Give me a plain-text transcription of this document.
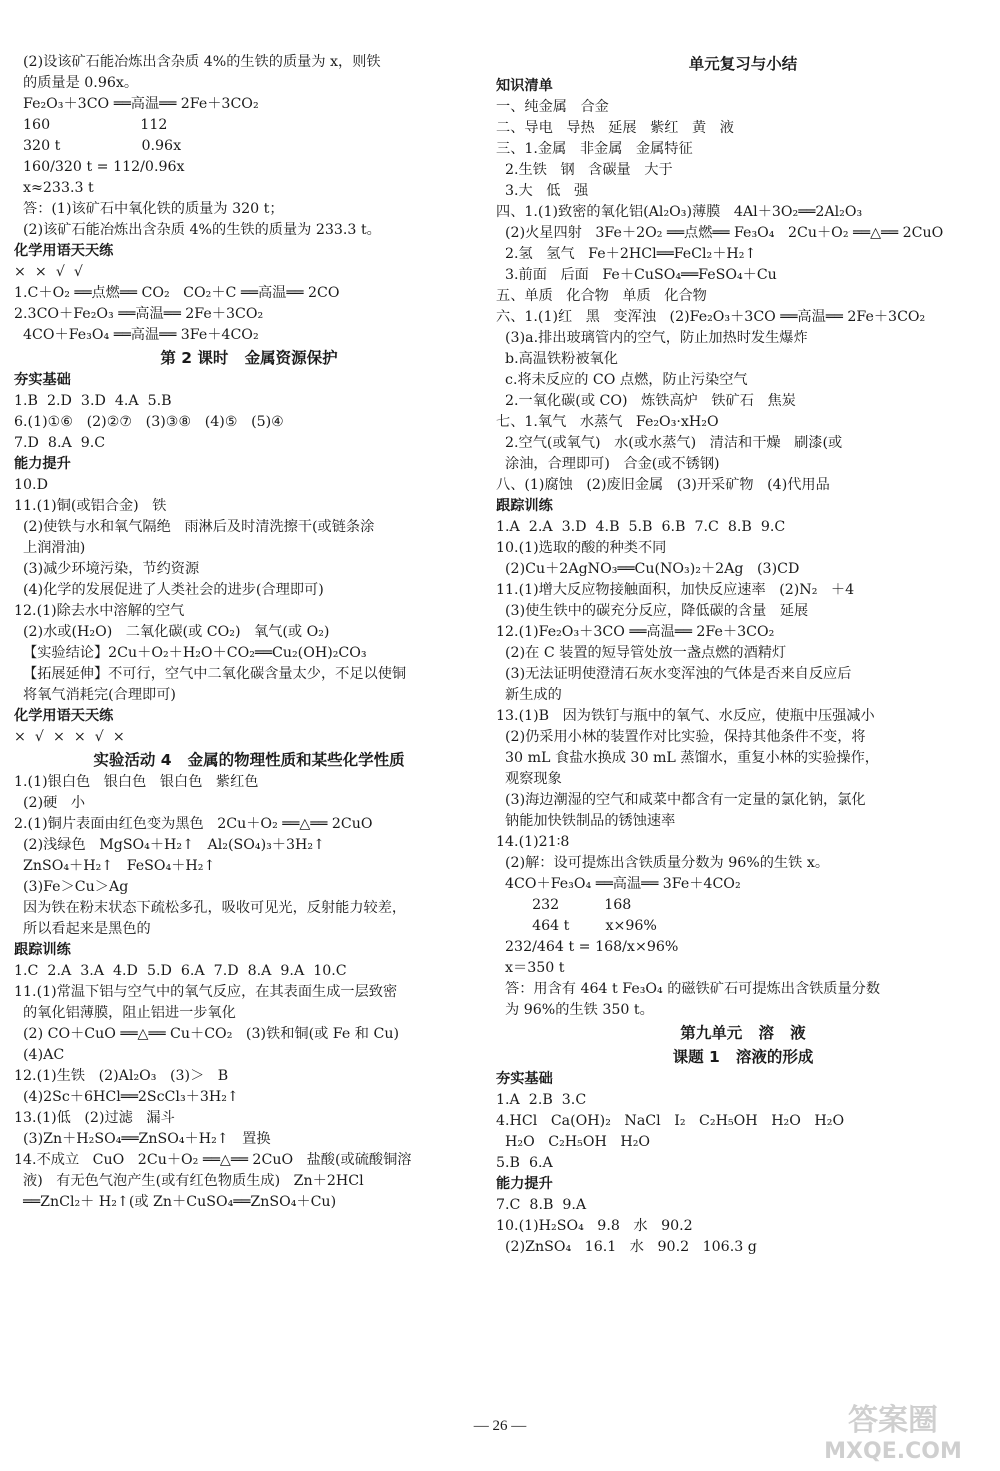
(2)设该矿石能冶炼出含杂质 4%的生铁的质量为 x，则铁
的质量是 0.96x。
Fe₂O₃＋3CO ══高温══ 2Fe＋3CO₂
160                    112
320 t                  0.96x
160/320 t = 112/0.96x
x≈233.3 t
答：(1)该矿石中氧化铁的质量为 320 t；
(2)该矿石能冶炼出含杂质 4%的生铁的质量为 233.3 t。
化学用语天天练
×  ×  √  √
1.C＋O₂ ══点燃══ CO₂   CO₂＋C ══高温══ 2CO
2.3CO＋Fe₂O₃ ══高温══ 2Fe＋3CO₂
4CO＋Fe₃O₄ ══高温══ 3Fe＋4CO₂
第 2 课时   金属资源保护
夯实基础
1.B  2.D  3.D  4.A  5.B
6.(1)①⑥   (2)②⑦   (3)③⑧   (4)⑤   (5)④
7.D  8.A  9.C
能力提升
10.D
11.(1)铜(或铝合金)   铁
(2)使铁与水和氧气隔绝   雨淋后及时清洗擦干(或链条涂
上润滑油)
(3)减少环境污染，节约资源
(4)化学的发展促进了人类社会的进步(合理即可)
12.(1)除去水中溶解的空气
(2)水或(H₂O)   二氧化碳(或 CO₂)   氧气(或 O₂)
【实验结论】2Cu＋O₂＋H₂O＋CO₂══Cu₂(OH)₂CO₃
【拓展延伸】不可行，空气中二氧化碳含量太少，不足以使铜
将氧气消耗完(合理即可)
化学用语天天练
×  √  ×  ×  √  ×
实验活动 4   金属的物理性质和某些化学性质
1.(1)银白色   银白色   银白色   紫红色
(2)硬   小
2.(1)铜片表面由红色变为黑色   2Cu＋O₂ ══△══ 2CuO
(2)浅绿色   MgSO₄＋H₂↑   Al₂(SO₄)₃＋3H₂↑
ZnSO₄＋H₂↑   FeSO₄＋H₂↑
(3)Fe＞Cu＞Ag
因为铁在粉末状态下疏松多孔，吸收可见光，反射能力较差，
所以看起来是黑色的
跟踪训练
1.C  2.A  3.A  4.D  5.D  6.A  7.D  8.A  9.A  10.C
11.(1)常温下铝与空气中的氧气反应，在其表面生成一层致密
的氧化铝薄膜，阻止铝进一步氧化
(2) CO＋CuO ══△══ Cu＋CO₂   (3)铁和铜(或 Fe 和 Cu)
(4)AC
12.(1)生铁   (2)Al₂O₃   (3)＞   B
(4)2Sc＋6HCl══2ScCl₃＋3H₂↑
13.(1)低   (2)过滤   漏斗
(3)Zn＋H₂SO₄══ZnSO₄＋H₂↑   置换
14.不成立   CuO   2Cu＋O₂ ══△══ 2CuO   盐酸(或硫酸铜溶
液)   有无色气泡产生(或有红色物质生成)   Zn＋2HCl
══ZnCl₂＋ H₂↑(或 Zn＋CuSO₄══ZnSO₄＋Cu)
单元复习与小结
知识清单
一、纯金属   合金
二、导电   导热   延展   紫红   黄   液
三、1.金属   非金属   金属特征
2.生铁   钢   含碳量   大于
3.大   低   强
四、1.(1)致密的氧化铝(Al₂O₃)薄膜   4Al＋3O₂══2Al₂O₃
(2)火星四射   3Fe＋2O₂ ══点燃══ Fe₃O₄   2Cu＋O₂ ══△══ 2CuO
2.氢   氢气   Fe＋2HCl══FeCl₂＋H₂↑
3.前面   后面   Fe＋CuSO₄══FeSO₄＋Cu
五、单质   化合物   单质   化合物
六、1.(1)红   黑   变浑浊   (2)Fe₂O₃＋3CO ══高温══ 2Fe＋3CO₂
(3)a.排出玻璃管内的空气，防止加热时发生爆炸
b.高温铁粉被氧化
c.将未反应的 CO 点燃，防止污染空气
2.一氧化碳(或 CO)   炼铁高炉   铁矿石   焦炭
七、1.氧气   水蒸气   Fe₂O₃·xH₂O
2.空气(或氧气)   水(或水蒸气)   清洁和干燥   刷漆(或
涂油，合理即可)   合金(或不锈钢)
八、(1)腐蚀   (2)废旧金属   (3)开采矿物   (4)代用品
跟踪训练
1.A  2.A  3.D  4.B  5.B  6.B  7.C  8.B  9.C
10.(1)选取的酸的种类不同
(2)Cu＋2AgNO₃══Cu(NO₃)₂＋2Ag   (3)CD
11.(1)增大反应物接触面积，加快反应速率   (2)N₂   ＋4
(3)使生铁中的碳充分反应，降低碳的含量   延展
12.(1)Fe₂O₃＋3CO ══高温══ 2Fe＋3CO₂
(2)在 C 装置的短导管处放一盏点燃的酒精灯
(3)无法证明使澄清石灰水变浑浊的气体是否来自反应后
新生成的
13.(1)B   因为铁钉与瓶中的氧气、水反应，使瓶中压强减小
(2)仍采用小林的装置作对比实验，保持其他条件不变，将
30 mL 食盐水换成 30 mL 蒸馏水，重复小林的实验操作，
观察现象
(3)海边潮湿的空气和咸菜中都含有一定量的氯化钠，氯化
钠能加快铁制品的锈蚀速率
14.(1)21∶8
(2)解：设可提炼出含铁质量分数为 96%的生铁 x。
4CO＋Fe₃O₄ ══高温══ 3Fe＋4CO₂
232          168
464 t        x×96%
232/464 t = 168/x×96%
x＝350 t
答：用含有 464 t Fe₃O₄ 的磁铁矿石可提炼出含铁质量分数
为 96%的生铁 350 t。
第九单元   溶   液
课题 1   溶液的形成
夯实基础
1.A  2.B  3.C
4.HCl   Ca(OH)₂   NaCl   I₂   C₂H₅OH   H₂O   H₂O
H₂O   C₂H₅OH   H₂O
5.B  6.A
能力提升
7.C  8.B  9.A
10.(1)H₂SO₄   9.8   水   90.2
(2)ZnSO₄   16.1   水   90.2   106.3 g
— 26 —	答案圈
MXQE.COM
